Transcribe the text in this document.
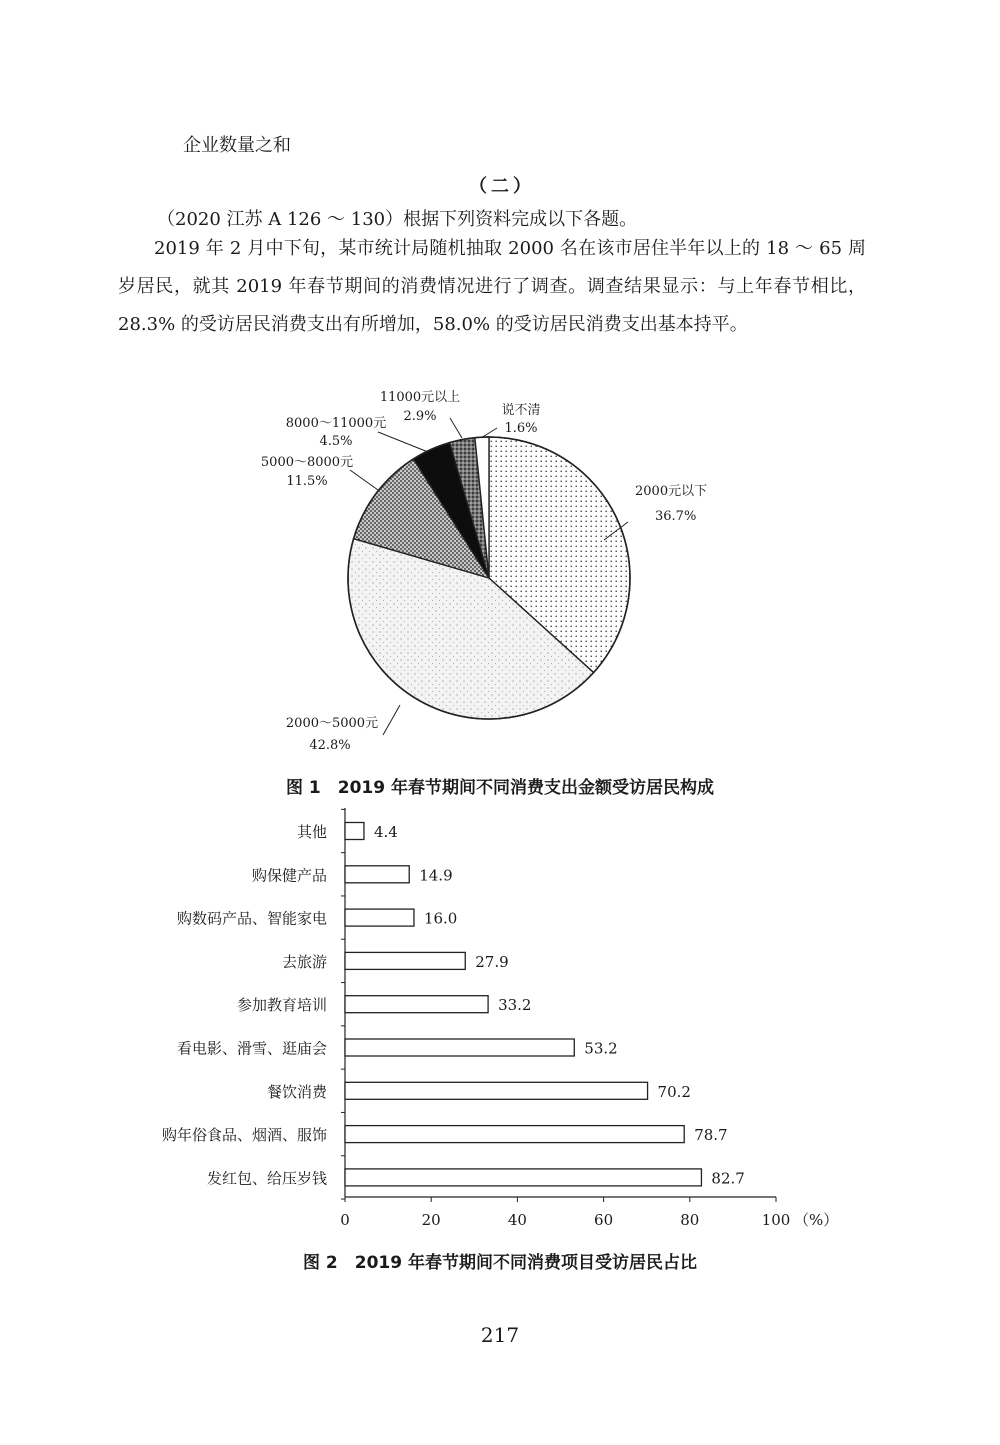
企业数量之和
（二）
（2020 江苏 A 126 ～ 130）根据下列资料完成以下各题。
2019 年 2 月中下旬，某市统计局随机抽取 2000 名在该市居住半年以上的 18 ～ 65 周岁居民，就其 2019 年春节期间的消费情况进行了调查。调查结果显示：与上年春节相比，28.3% 的受访居民消费支出有所增加，58.0% 的受访居民消费支出基本持平。
2000元以下
36.7%
2000～5000元
42.8%
5000～8000元
11.5%
8000～11000元
4.5%
11000元以上
2.9%	说不清
1.6%
图 1　2019 年春节期间不同消费支出金额受访居民构成
0	20	40	60	80	100 （%）
其他	4.4
购保健产品	14.9
购数码产品、智能家电	16.0
去旅游	27.9
参加教育培训	33.2
看电影、滑雪、逛庙会	53.2
餐饮消费	70.2
购年俗食品、烟酒、服饰	78.7
发红包、给压岁钱	82.7
图 2　2019 年春节期间不同消费项目受访居民占比
217
